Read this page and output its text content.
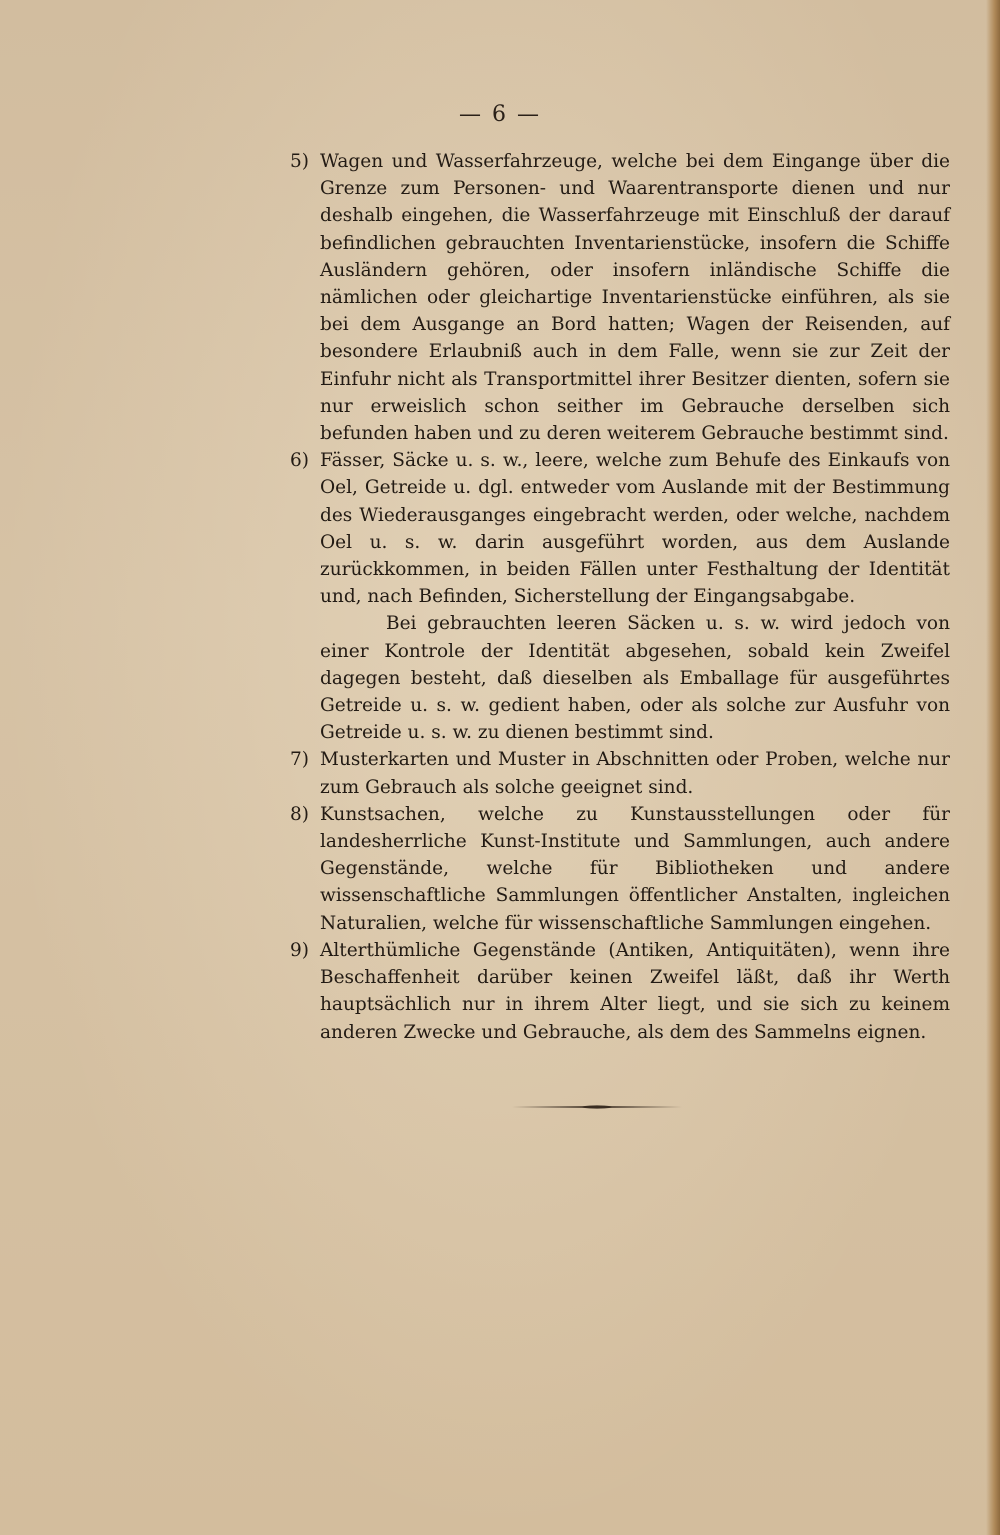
— 6 —
5) Wagen und Wasserfahrzeuge, welche bei dem Eingange über die Grenze zum Personen- und Waarentransporte dienen und nur deshalb eingehen, die Wasserfahrzeuge mit Einschluß der darauf befindlichen gebrauchten Inventarienstücke, insofern die Schiffe Ausländern gehören, oder insofern inländische Schiffe die nämlichen oder gleichartige Inventarienstücke einführen, als sie bei dem Ausgange an Bord hatten; Wagen der Reisenden, auf besondere Erlaubniß auch in dem Falle, wenn sie zur Zeit der Einfuhr nicht als Transportmittel ihrer Besitzer dienten, sofern sie nur erweislich schon seither im Gebrauche derselben sich befunden haben und zu deren weiterem Gebrauche bestimmt sind.
6) Fässer, Säcke u. s. w., leere, welche zum Behufe des Einkaufs von Oel, Getreide u. dgl. entweder vom Auslande mit der Bestimmung des Wiederausganges eingebracht werden, oder welche, nachdem Oel u. s. w. darin ausgeführt worden, aus dem Auslande zurückkommen, in beiden Fällen unter Festhaltung der Identität und, nach Befinden, Sicherstellung der Eingangsabgabe.

Bei gebrauchten leeren Säcken u. s. w. wird jedoch von einer Kontrole der Identität abgesehen, sobald kein Zweifel dagegen besteht, daß dieselben als Emballage für ausgeführtes Getreide u. s. w. gedient haben, oder als solche zur Ausfuhr von Getreide u. s. w. zu dienen bestimmt sind.

7) Musterkarten und Muster in Abschnitten oder Proben, welche nur zum Gebrauch als solche geeignet sind.
8) Kunstsachen, welche zu Kunstausstellungen oder für landesherrliche Kunst-Institute und Sammlungen, auch andere Gegenstände, welche für Bibliotheken und andere wissenschaftliche Sammlungen öffentlicher Anstalten, ingleichen Naturalien, welche für wissenschaftliche Sammlungen eingehen.
9) Alterthümliche Gegenstände (Antiken, Antiquitäten), wenn ihre Beschaffenheit darüber keinen Zweifel läßt, daß ihr Werth hauptsächlich nur in ihrem Alter liegt, und sie sich zu keinem anderen Zwecke und Gebrauche, als dem des Sammelns eignen.
